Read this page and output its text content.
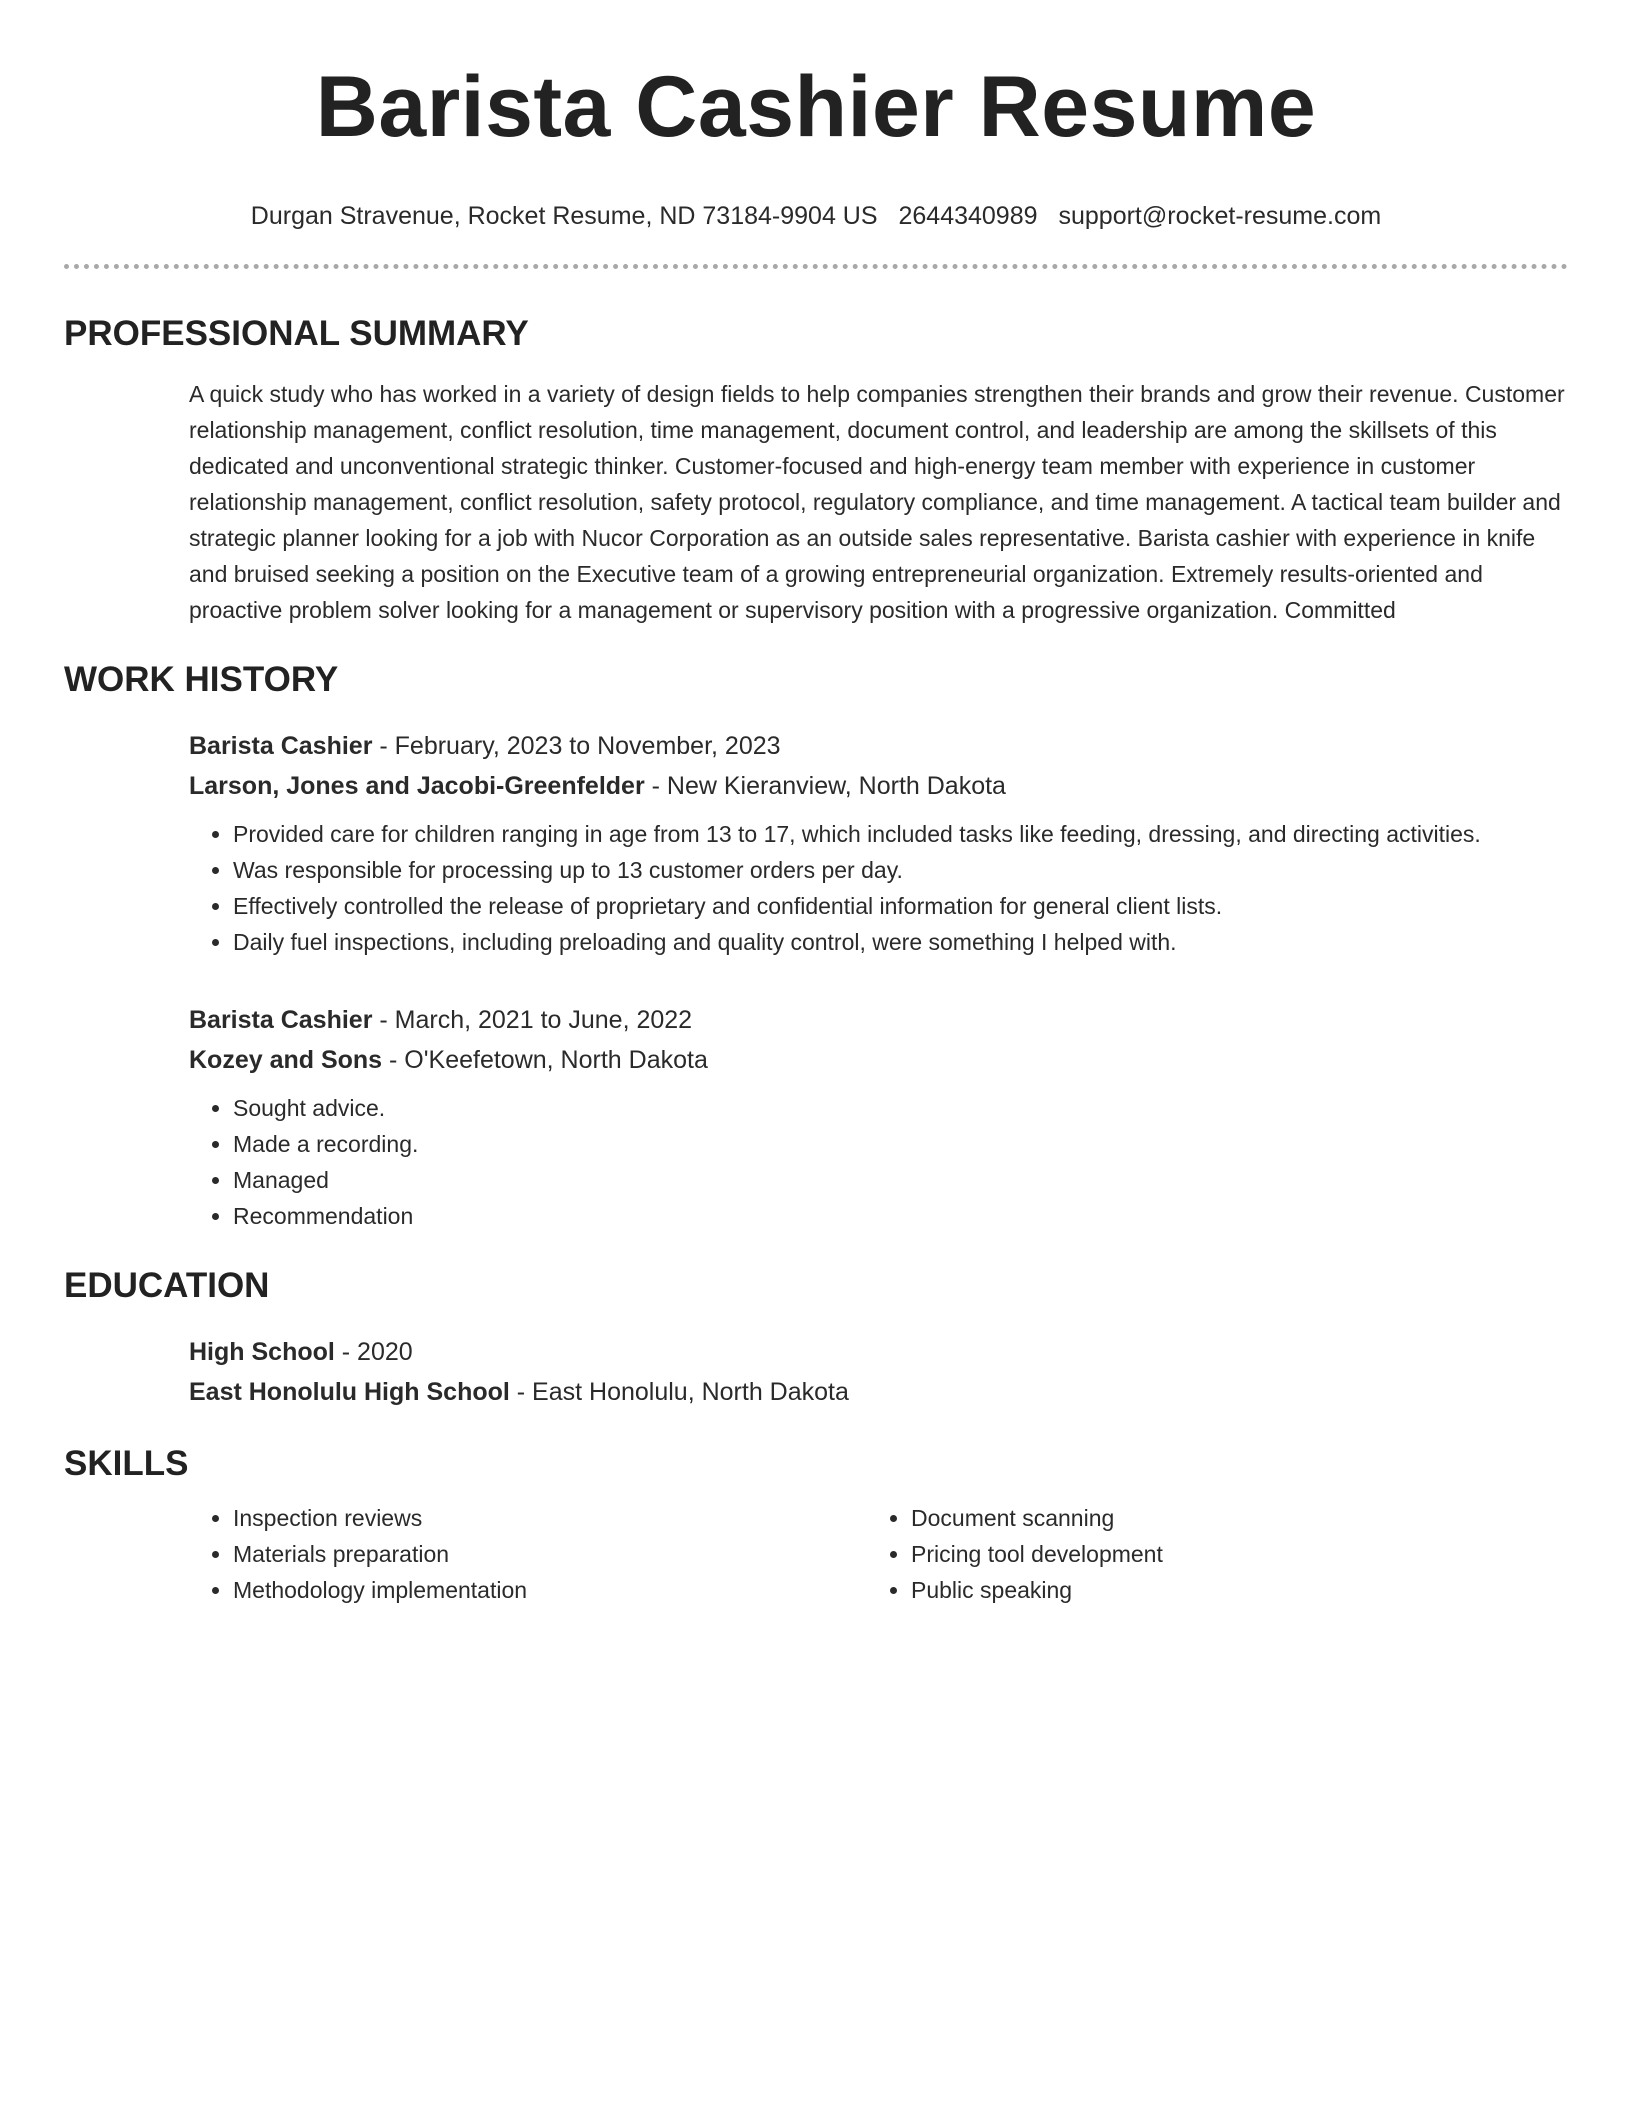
Barista Cashier Resume
Durgan Stravenue, Rocket Resume, ND 73184-9904 US 2644340989 support@rocket-resume.com
PROFESSIONAL SUMMARY
A quick study who has worked in a variety of design fields to help companies strengthen their brands and grow their revenue. Customer relationship management, conflict resolution, time management, document control, and leadership are among the skillsets of this dedicated and unconventional strategic thinker. Customer-focused and high-energy team member with experience in customer relationship management, conflict resolution, safety protocol, regulatory compliance, and time management. A tactical team builder and strategic planner looking for a job with Nucor Corporation as an outside sales representative. Barista cashier with experience in knife and bruised seeking a position on the Executive team of a growing entrepreneurial organization. Extremely results-oriented and proactive problem solver looking for a management or supervisory position with a progressive organization. Committed
WORK HISTORY
Barista Cashier - February, 2023 to November, 2023
Larson, Jones and Jacobi-Greenfelder - New Kieranview, North Dakota
• Provided care for children ranging in age from 13 to 17, which included tasks like feeding, dressing, and directing activities.
• Was responsible for processing up to 13 customer orders per day.
• Effectively controlled the release of proprietary and confidential information for general client lists.
• Daily fuel inspections, including preloading and quality control, were something I helped with.
Barista Cashier - March, 2021 to June, 2022
Kozey and Sons - O'Keefetown, North Dakota
• Sought advice.
• Made a recording.
• Managed
• Recommendation
EDUCATION
High School - 2020
East Honolulu High School - East Honolulu, North Dakota
SKILLS
• Inspection reviews
• Materials preparation
• Methodology implementation
• Document scanning
• Pricing tool development
• Public speaking
